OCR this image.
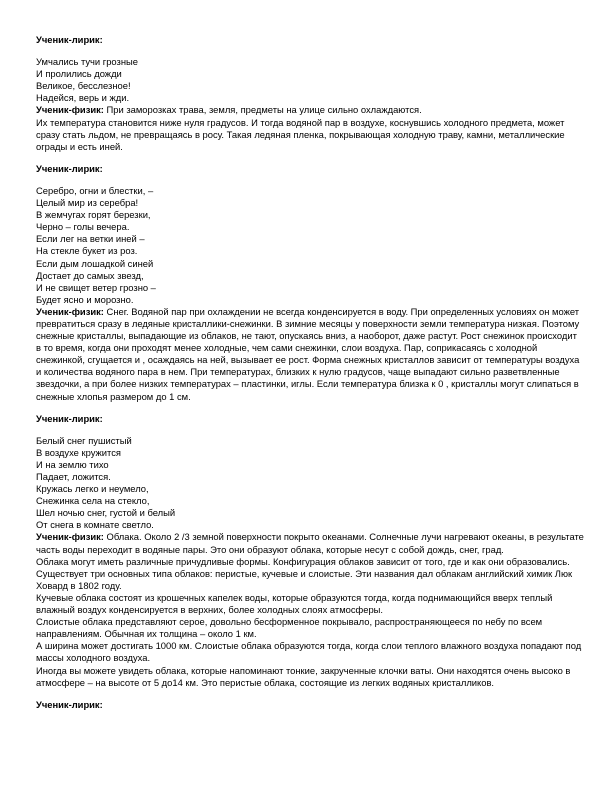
Ученик-лирик:
Умчались тучи грозные
И пролились дожди
Великое, бесслезное!
Надейся, верь и жди.

Ученик-физик: При заморозках трава, земля, предметы на улице сильно охлаждаются.

Их температура становится ниже нуля градусов. И тогда водяной пар в воздухе, коснувшись холодного предмета, может сразу стать льдом, не превращаясь в росу. Такая ледяная пленка, покрывающая холодную траву, камни, металлические ограды и есть иней.

Ученик-лирик:
Серебро, огни и блестки, –
Целый мир из серебра!
В жемчугах горят березки,
Черно – голы вечера.
Если лег на ветки иней –
На стекле букет из роз.
Если дым лошадкой синей
Достает до самых звезд,
И не свищет ветер грозно –
Будет ясно и морозно.

Ученик-физик: Снег. Водяной пар при охлаждении не всегда конденсируется в воду. При определенных условиях он может превратиться сразу в ледяные кристаллики-снежинки. В зимние месяцы у поверхности земли температура низкая. Поэтому снежные кристаллы, выпадающие из облаков, не тают, опускаясь вниз, а наоборот, даже растут. Рост снежинок происходит в то время, когда они проходят менее холодные, чем сами снежинки, слои воздуха. Пар, соприкасаясь с холодной снежинкой, сгущается и , осаждаясь на ней, вызывает ее рост. Форма снежных кристаллов зависит от температуры воздуха и количества водяного пара в нем. При температурах, близких к нулю градусов, чаще выпадают сильно разветвленные звездочки, а при более низких температурах – пластинки, иглы. Если температура близка к 0 , кристаллы могут слипаться в снежные хлопья размером до 1 см.

Ученик-лирик:
Белый снег пушистый
В воздухе кружится
И на землю тихо
Падает, ложится.
Кружась легко и неумело,
Снежинка села на стекло,
Шел ночью снег, густой и белый
От снега в комнате светло.

Ученик-физик: Облака. Около 2 /3 земной поверхности покрыто океанами. Солнечные лучи нагревают океаны, в результате часть воды переходит в водяные пары. Это они образуют облака, которые несут с собой дождь, снег, град.

Облака могут иметь различные причудливые формы. Конфигурация облаков зависит от того, где и как они образовались. Существует три основных типа облаков: перистые, кучевые и слоистые. Эти названия дал облакам английский химик Люк Ховард в 1802 году.

Кучевые облака состоят из крошечных капелек воды, которые образуются тогда, когда поднимающийся вверх теплый влажный воздух конденсируется в верхних, более холодных слоях атмосферы.

Слоистые облака представляют серое, довольно бесформенное покрывало, распространяющееся по небу по всем направлениям. Обычная их толщина – около 1 км.

А ширина может достигать 1000 км. Слоистые облака образуются тогда, когда слои теплого влажного воздуха попадают под массы холодного воздуха.

Иногда вы можете увидеть облака, которые напоминают тонкие, закрученные клочки ваты. Они находятся очень высоко в атмосфере – на высоте от 5 до14 км. Это перистые облака, состоящие из легких водяных кристалликов.

Ученик-лирик:
